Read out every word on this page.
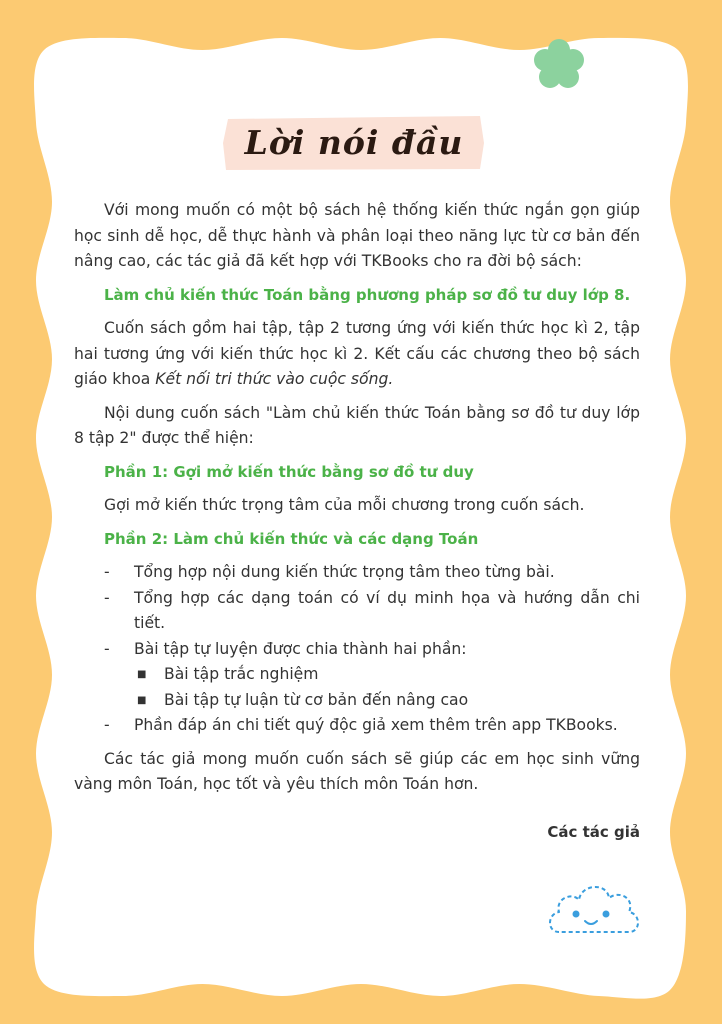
Lời nói đầu

Với mong muốn có một bộ sách hệ thống kiến thức ngắn gọn giúp học sinh dễ học, dễ thực hành và phân loại theo năng lực từ cơ bản đến nâng cao, các tác giả đã kết hợp với TKBooks cho ra đời bộ sách:

Làm chủ kiến thức Toán bằng phương pháp sơ đồ tư duy lớp 8.

Cuốn sách gồm hai tập, tập 2 tương ứng với kiến thức học kì 2, tập hai tương ứng với kiến thức học kì 2. Kết cấu các chương theo bộ sách giáo khoa Kết nối tri thức vào cuộc sống.

Nội dung cuốn sách "Làm chủ kiến thức Toán bằng sơ đồ tư duy lớp 8 tập 2" được thể hiện:

Phần 1: Gợi mở kiến thức bằng sơ đồ tư duy

Gợi mở kiến thức trọng tâm của mỗi chương trong cuốn sách.

Phần 2: Làm chủ kiến thức và các dạng Toán

- Tổng hợp nội dung kiến thức trọng tâm theo từng bài.
- Tổng hợp các dạng toán có ví dụ minh họa và hướng dẫn chi tiết.
- Bài tập tự luyện được chia thành hai phần:
■ Bài tập trắc nghiệm
■ Bài tập tự luận từ cơ bản đến nâng cao
- Phần đáp án chi tiết quý độc giả xem thêm trên app TKBooks.

Các tác giả mong muốn cuốn sách sẽ giúp các em học sinh vững vàng môn Toán, học tốt và yêu thích môn Toán hơn.

Các tác giả
